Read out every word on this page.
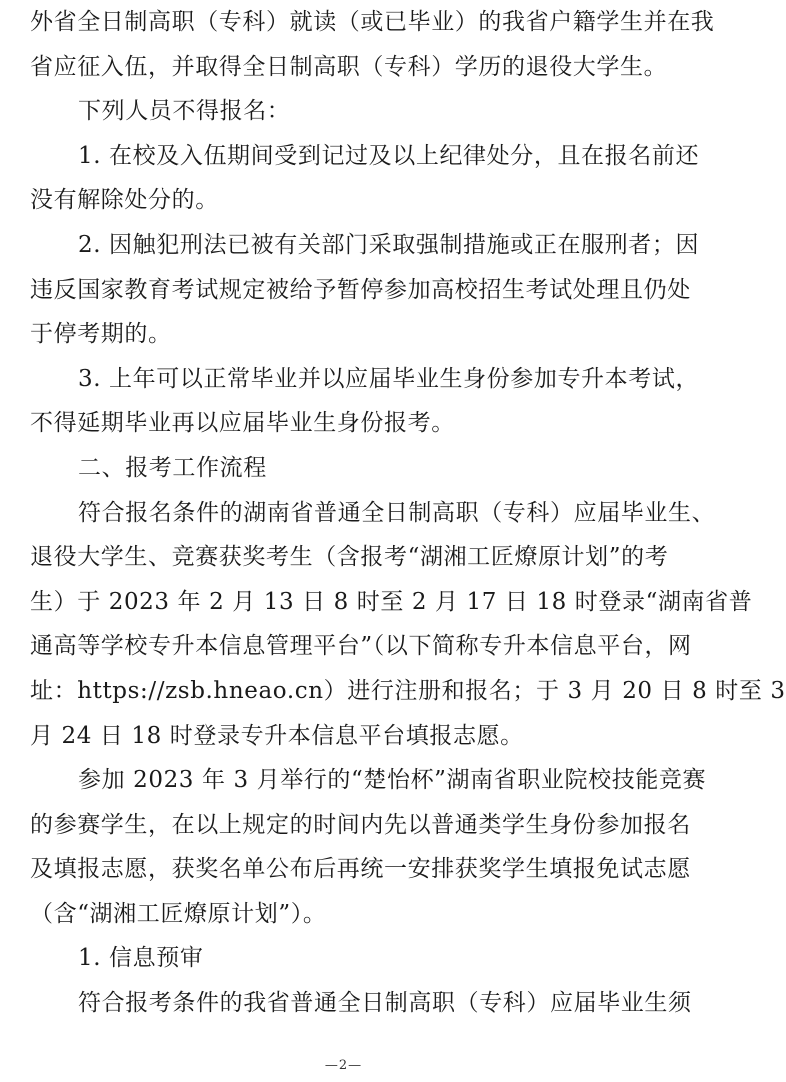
外省全日制高职（专科）就读（或已毕业）的我省户籍学生并在我
省应征入伍，并取得全日制高职（专科）学历的退役大学生。
下列人员不得报名：
1. 在校及入伍期间受到记过及以上纪律处分，且在报名前还
没有解除处分的。
2. 因触犯刑法已被有关部门采取强制措施或正在服刑者；因
违反国家教育考试规定被给予暂停参加高校招生考试处理且仍处
于停考期的。
3. 上年可以正常毕业并以应届毕业生身份参加专升本考试，
不得延期毕业再以应届毕业生身份报考。
二、报考工作流程
符合报名条件的湖南省普通全日制高职（专科）应届毕业生、
退役大学生、竞赛获奖考生（含报考“湖湘工匠燎原计划”的考
生）于 2023 年 2 月 13 日 8 时至 2 月 17 日 18 时登录“湖南省普
通高等学校专升本信息管理平台”（以下简称专升本信息平台，网
址：https://zsb.hneao.cn）进行注册和报名；于 3 月 20 日 8 时至 3
月 24 日 18 时登录专升本信息平台填报志愿。
参加 2023 年 3 月举行的“楚怡杯”湖南省职业院校技能竞赛
的参赛学生，在以上规定的时间内先以普通类学生身份参加报名
及填报志愿，获奖名单公布后再统一安排获奖学生填报免试志愿
（含“湖湘工匠燎原计划”）。
1. 信息预审
符合报考条件的我省普通全日制高职（专科）应届毕业生须
—2—
